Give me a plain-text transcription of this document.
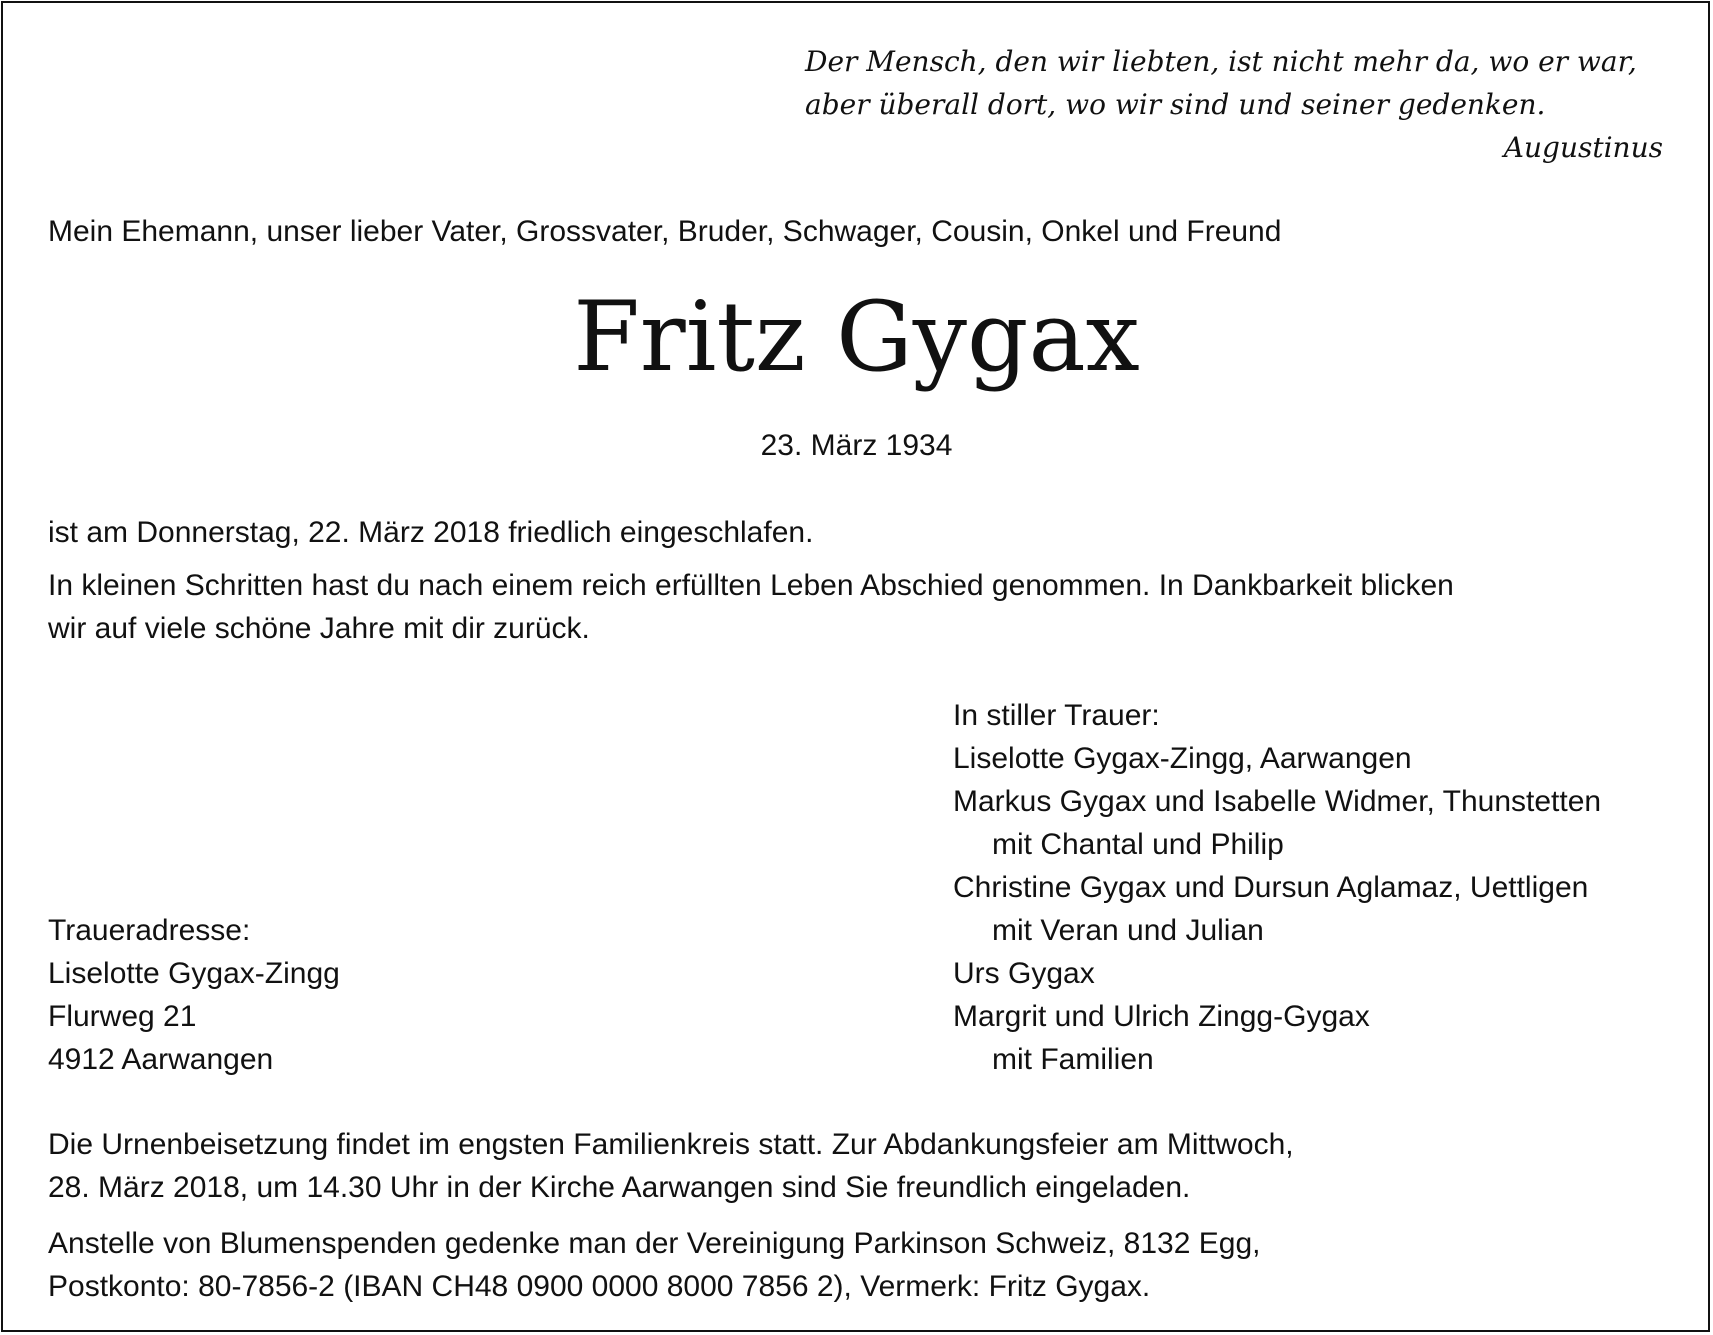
Der Mensch, den wir liebten, ist nicht mehr da, wo er war,
aber überall dort, wo wir sind und seiner gedenken.
Augustinus
Mein Ehemann, unser lieber Vater, Grossvater, Bruder, Schwager, Cousin, Onkel und Freund
Fritz Gygax
23. März 1934
ist am Donnerstag, 22. März 2018 friedlich eingeschlafen.
In kleinen Schritten hast du nach einem reich erfüllten Leben Abschied genommen. In Dankbarkeit blicken
wir auf viele schöne Jahre mit dir zurück.
In stiller Trauer:
Liselotte Gygax-Zingg, Aarwangen
Markus Gygax und Isabelle Widmer, Thunstetten
mit Chantal und Philip
Christine Gygax und Dursun Aglamaz, Uettligen
mit Veran und Julian
Urs Gygax
Margrit und Ulrich Zingg-Gygax
mit Familien
Traueradresse:
Liselotte Gygax-Zingg
Flurweg 21
4912 Aarwangen
Die Urnenbeisetzung findet im engsten Familienkreis statt. Zur Abdankungsfeier am Mittwoch,
28. März 2018, um 14.30 Uhr in der Kirche Aarwangen sind Sie freundlich eingeladen.
Anstelle von Blumenspenden gedenke man der Vereinigung Parkinson Schweiz, 8132 Egg,
Postkonto: 80-7856-2 (IBAN CH48 0900 0000 8000 7856 2), Vermerk: Fritz Gygax.
